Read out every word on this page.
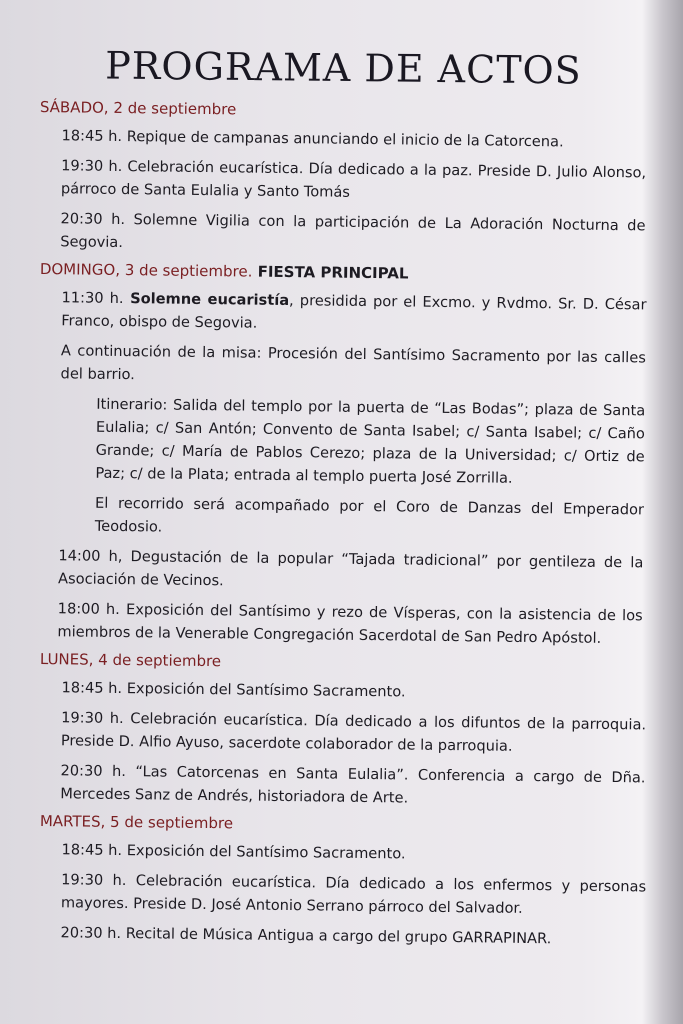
PROGRAMA DE ACTOS
SÁBADO, 2 de septiembre
18:45 h. Repique de campanas anunciando el inicio de la Catorcena.
19:30 h. Celebración eucarística. Día dedicado a la paz. Preside D. Julio Alonso, párroco de Santa Eulalia y Santo Tomás
20:30 h. Solemne Vigilia con la participación de La Adoración Nocturna de Segovia.
DOMINGO, 3 de septiembre. FIESTA PRINCIPAL
11:30 h. Solemne eucaristía, presidida por el Excmo. y Rvdmo. Sr. D. César Franco, obispo de Segovia.
A continuación de la misa: Procesión del Santísimo Sacramento por las calles del barrio.
Itinerario: Salida del templo por la puerta de “Las Bodas”; plaza de Santa Eulalia; c/ San Antón; Convento de Santa Isabel; c/ Santa Isabel; c/ Caño Grande; c/ María de Pablos Cerezo; plaza de la Universidad; c/ Ortiz de Paz; c/ de la Plata; entrada al templo puerta José Zorrilla.
El recorrido será acompañado por el Coro de Danzas del Emperador Teodosio.
14:00 h, Degustación de la popular “Tajada tradicional” por gentileza de la Asociación de Vecinos.
18:00 h. Exposición del Santísimo y rezo de Vísperas, con la asistencia de los miembros de la Venerable Congregación Sacerdotal de San Pedro Apóstol.
LUNES, 4 de septiembre
18:45 h. Exposición del Santísimo Sacramento.
19:30 h. Celebración eucarística. Día dedicado a los difuntos de la parroquia. Preside D. Alfio Ayuso, sacerdote colaborador de la parroquia.
20:30 h. “Las Catorcenas en Santa Eulalia”. Conferencia a cargo de Dña. Mercedes Sanz de Andrés, historiadora de Arte.
MARTES, 5 de septiembre
18:45 h. Exposición del Santísimo Sacramento.
19:30 h. Celebración eucarística. Día dedicado a los enfermos y personas mayores. Preside D. José Antonio Serrano párroco del Salvador.
20:30 h. Recital de Música Antigua a cargo del grupo GARRAPINAR.
